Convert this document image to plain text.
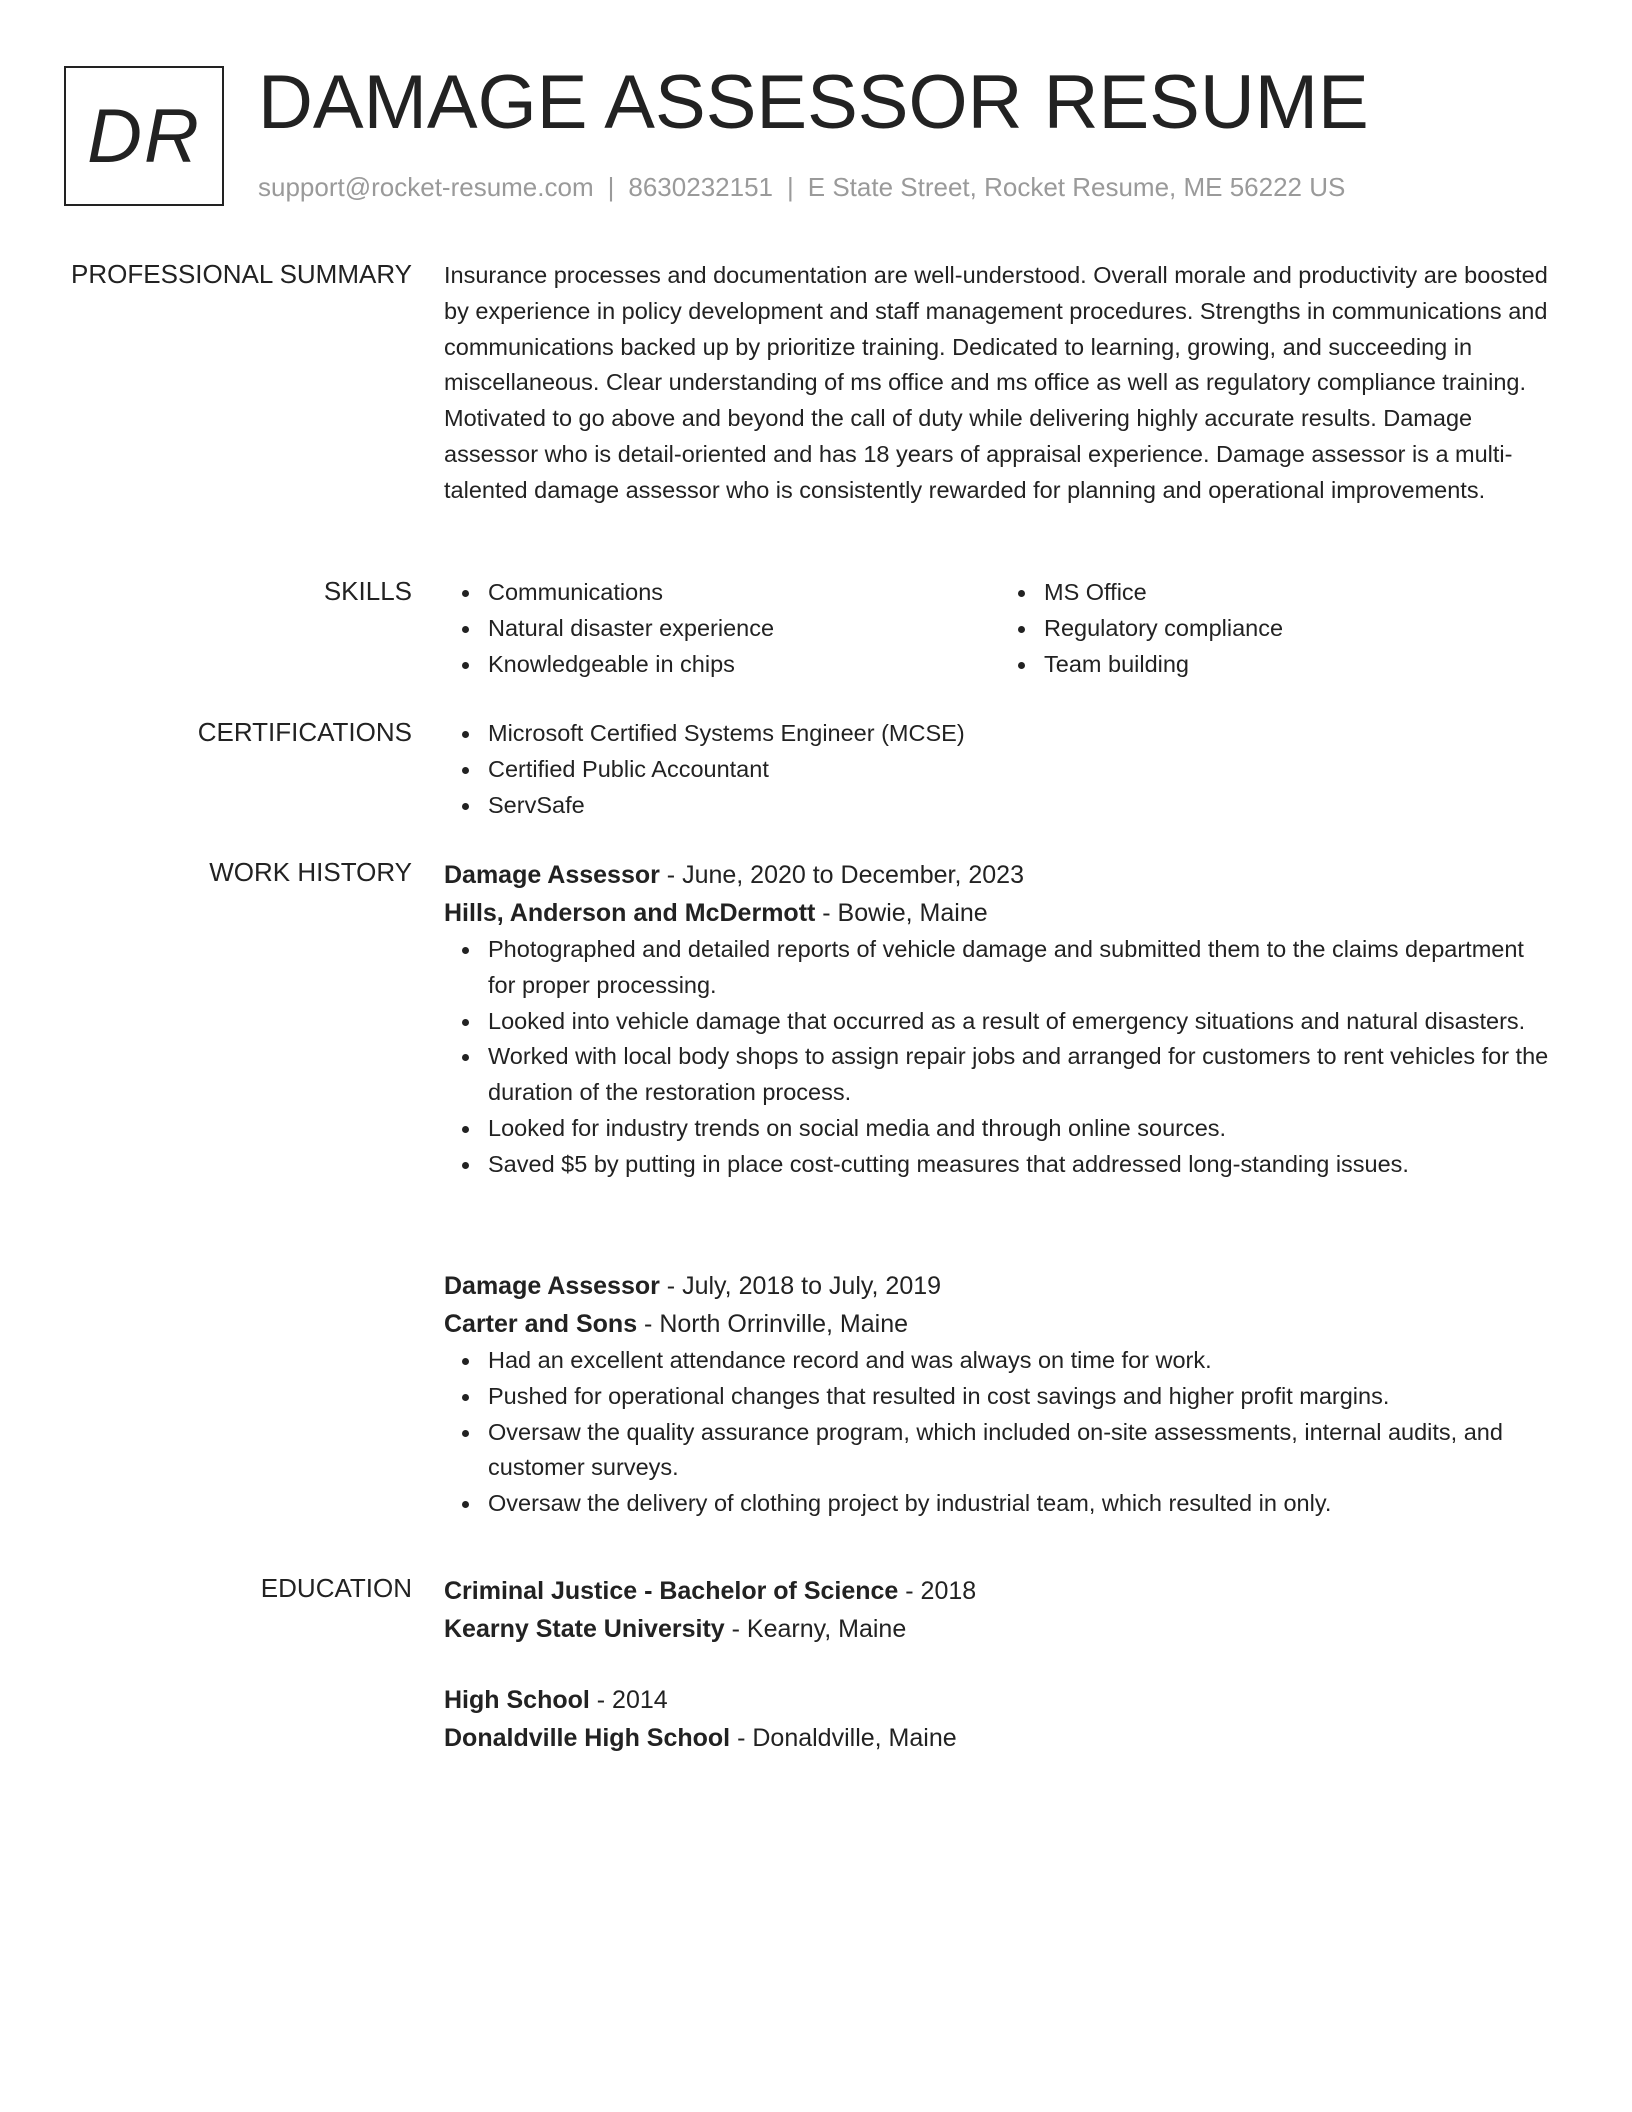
DR DAMAGE ASSESSOR RESUME
support@rocket-resume.com | 8630232151 | E State Street, Rocket Resume, ME 56222 US
PROFESSIONAL SUMMARY Insurance processes and documentation are well-understood. Overall morale and productivity are boosted by experience in policy development and staff management procedures. Strengths in communications and communications backed up by prioritize training. Dedicated to learning, growing, and succeeding in miscellaneous. Clear understanding of ms office and ms office as well as regulatory compliance training. Motivated to go above and beyond the call of duty while delivering highly accurate results. Damage assessor who is detail-oriented and has 18 years of appraisal experience. Damage assessor is a multi-talented damage assessor who is consistently rewarded for planning and operational improvements.

SKILLS	Communications
Natural disaster experience
Knowledgeable in chips
MS Office
Regulatory compliance
Team building
CERTIFICATIONS	Microsoft Certified Systems Engineer (MCSE)
Certified Public Accountant
ServSafe
WORK HISTORY Damage Assessor - June, 2020 to December, 2023
Hills, Anderson and McDermott - Bowie, Maine
Photographed and detailed reports of vehicle damage and submitted them to the claims department for proper processing.
Looked into vehicle damage that occurred as a result of emergency situations and natural disasters.
Worked with local body shops to assign repair jobs and arranged for customers to rent vehicles for the duration of the restoration process.
Looked for industry trends on social media and through online sources.
Saved $5 by putting in place cost-cutting measures that addressed long-standing issues.
Damage Assessor - July, 2018 to July, 2019
Carter and Sons - North Orrinville, Maine
Had an excellent attendance record and was always on time for work.
Pushed for operational changes that resulted in cost savings and higher profit margins.
Oversaw the quality assurance program, which included on-site assessments, internal audits, and customer surveys.
Oversaw the delivery of clothing project by industrial team, which resulted in only.
EDUCATION Criminal Justice - Bachelor of Science - 2018
Kearny State University - Kearny, Maine
High School - 2014
Donaldville High School - Donaldville, Maine
